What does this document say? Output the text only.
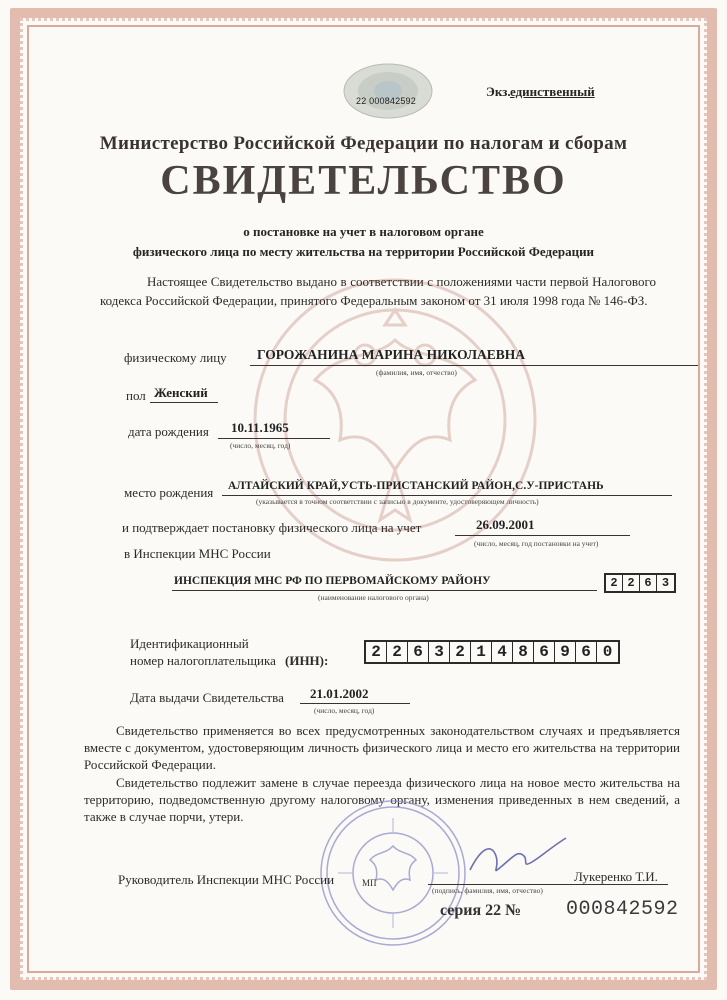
22 000842592
Экз. единственный
Министерство Российской Федерации по налогам и сборам
СВИДЕТЕЛЬСТВО
о постановке на учет в налоговом органе
физического лица по месту жительства на территории Российской Федерации
Настоящее Свидетельство выдано в соответствии с положениями части первой Налогового кодекса Российской Федерации, принятого Федеральным законом от 31 июля 1998 года № 146-ФЗ.
физическому лицу ГОРОЖАНИНА МАРИНА НИКОЛАЕВНА
(фамилия, имя, отчество)
пол Женский
дата рождения 10.11.1965
(число, месяц, год)
место рождения АЛТАЙСКИЙ КРАЙ,УСТЬ-ПРИСТАНСКИЙ РАЙОН,С.У-ПРИСТАНЬ
(указывается в точном соответствии с записью в документе, удостоверяющем личность)
и подтверждает постановку физического лица на учет	26.09.2001
(число, месяц, год постановки на учет)
в Инспекции МНС России
ИНСПЕКЦИЯ МНС РФ ПО ПЕРВОМАЙСКОМУ РАЙОНУ
(наименование налогового органа)
2 2 6 3
Идентификационный
номер налогоплательщика (ИНН):	2 2 6 3 2 1 4 8 6 9 6 0
Дата выдачи Свидетельства 21.01.2002
(число, месяц, год)
Свидетельство применяется во всех предусмотренных законодательством случаях и предъявляется вместе с документом, удостоверяющим личность физического лица и место его жительства на территории Российской Федерации.
Свидетельство подлежит замене в случае переезда физического лица на новое место жительства на территорию, подведомственную другому налоговому органу, изменения приведенных в нем сведений, а также в случае порчи, утери.
Руководитель Инспекции МНС России	МП	Лукеренко Т.И.
(подпись, фамилия, имя, отчество)
серия 22 № 000842592
